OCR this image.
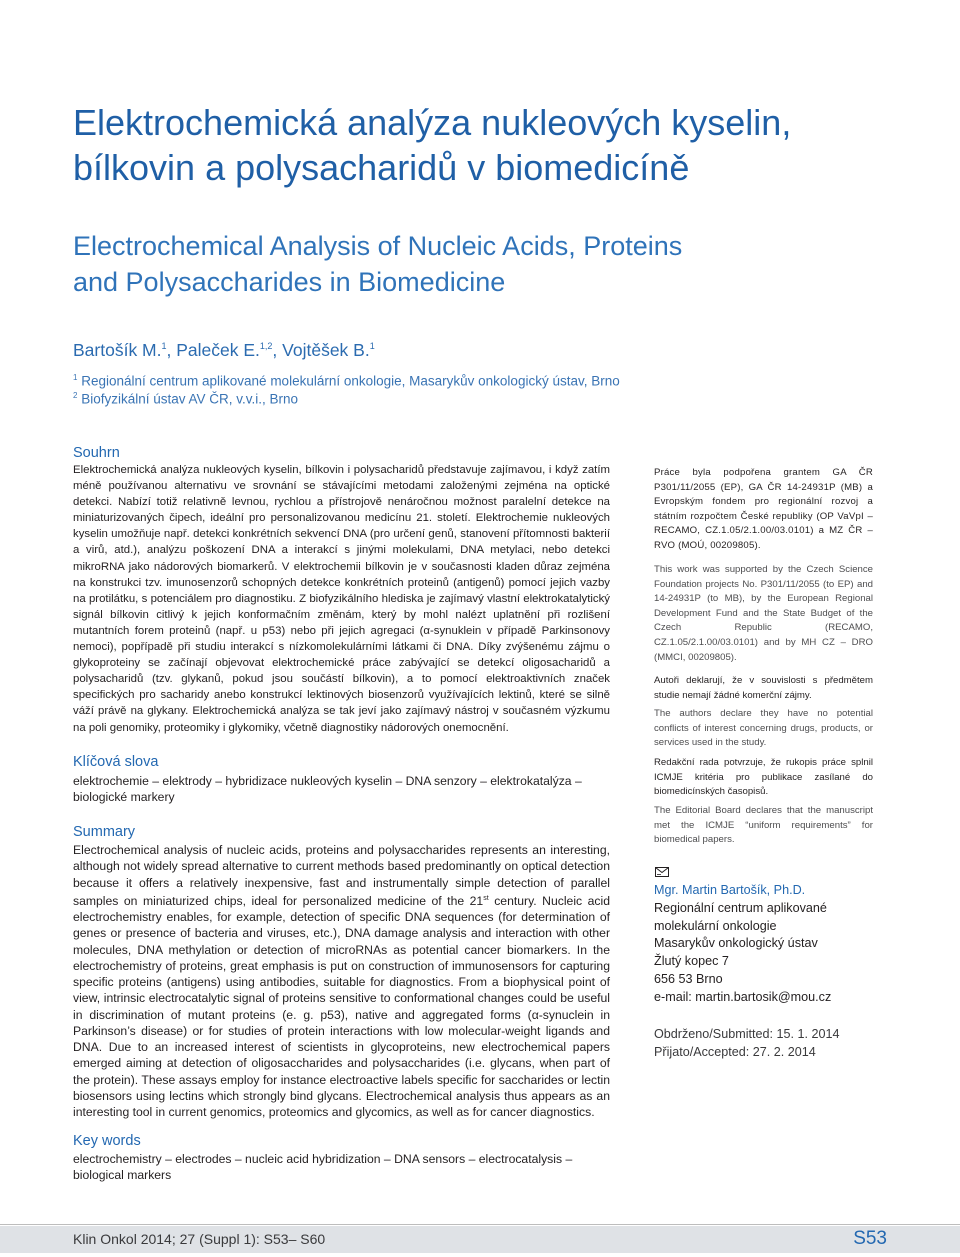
Elektrochemická analýza nukleových kyselin,
bílkovin a polysacharidů v biomedicíně
Electrochemical Analysis of Nucleic Acids, Proteins
and Polysaccharides in Biomedicine
Bartošík M.$^1$, Paleček E.$^{1,2}$, Vojtěšek B.$^1$
$^1$ Regionální centrum aplikované molekulární onkologie, Masarykův onkologický ústav, Brno
$^2$ Biofyzikální ústav AV ČR, v.v.i., Brno
Souhrn

Elektrochemická analýza nukleových kyselin, bílkovin i polysacharidů představuje zajímavou, i když zatím méně používanou alternativu ve srovnání se stávajícími metodami založenými zejména na optické detekci. Nabízí totiž relativně levnou, rychlou a přístrojově nenáročnou možnost paralelní detekce na miniaturizovaných čipech, ideální pro personalizovanou medicínu 21. století. Elektrochemie nukleových kyselin umožňuje např. detekci konkrétních sekvencí DNA (pro určení genů, stanovení přítomnosti bakterií a virů, atd.), analýzu poškození DNA a interakcí s jinými molekulami, DNA metylaci, nebo detekci mikroRNA jako nádorových biomarkerů. V elektrochemii bílkovin je v současnosti kladen důraz zejména na konstrukci tzv. imunosenzorů schopných detekce konkrétních proteinů (antigenů) pomocí jejich vazby na protilátku, s potenciálem pro diagnostiku. Z biofyzikálního hlediska je zajímavý vlastní elektrokatalytický signál bílkovin citlivý k jejich konformačním změnám, který by mohl nalézt uplatnění při rozlišení mutantních forem proteinů (např. u p53) nebo při jejich agregaci (α-synuklein v případě Parkinsonovy nemoci), popřípadě při studiu interakcí s nízkomolekulárními látkami či DNA. Díky zvýšenému zájmu o glykoproteiny se začínají objevovat elektrochemické práce zabývající se detekcí oligosacharidů a polysacharidů (tzv. glykanů, pokud jsou součástí bílkovin), a to pomocí elektroaktivních značek specifických pro sacharidy anebo konstrukcí lektinových biosenzorů využívajících lektinů, které se silně váží právě na glykany. Elektrochemická analýza se tak jeví jako zajímavý nástroj v současném výzkumu na poli genomiky, proteomiky i glykomiky, včetně diagnostiky nádorových onemocnění.

Klíčová slova

elektrochemie – elektrody – hybridizace nukleových kyselin – DNA senzory – elektrokatalýza – biologické markery

Summary

Electrochemical analysis of nucleic acids, proteins and polysaccharides represents an interesting, although not widely spread alternative to current methods based predominantly on optical detection because it offers a relatively inexpensive, fast and instrumentally simple detection of parallel samples on miniaturized chips, ideal for personalized medicine of the 21st century. Nucleic acid electrochemistry enables, for example, detection of specific DNA sequences (for determination of genes or presence of bacteria and viruses, etc.), DNA damage analysis and interaction with other molecules, DNA methylation or detection of microRNAs as potential cancer biomarkers. In the electrochemistry of proteins, great emphasis is put on construction of immunosensors for capturing specific proteins (antigens) using antibodies, suitable for diagnostics. From a biophysical point of view, intrinsic electrocatalytic signal of proteins sensitive to conformational changes could be useful in discrimination of mutant proteins (e. g. p53), native and aggregated forms (α-synuclein in Parkinson’s disease) or for studies of protein interactions with low molecular-weight ligands and DNA. Due to an increased interest of scientists in glycoproteins, new electrochemical papers emerged aiming at detection of oligosaccharides and polysaccharides (i.e. glycans, when part of the protein). These assays employ for instance electroactive labels specific for saccharides or lectin biosensors using lectins which strongly bind glycans. Electrochemical analysis thus appears as an interesting tool in current genomics, proteomics and glycomics, as well as for cancer diagnostics.

Key words

electrochemistry – electrodes – nucleic acid hybridization – DNA sensors – electrocatalysis – biological markers

Práce byla podpořena grantem GA ČR P301/11/2055 (EP), GA ČR 14-24931P (MB) a Evropským fondem pro regionální rozvoj a státním rozpočtem České republiky (OP VaVpI – RECAMO, CZ.1.05/2.1.00/03.0101) a MZ ČR – RVO (MOÚ, 00209805).

This work was supported by the Czech Science Foundation projects No. P301/11/2055 (to EP) and 14-24931P (to MB), by the European Regional Development Fund and the State Budget of the Czech Republic (RECAMO, CZ.1.05/2.1.00/03.0101) and by MH CZ – DRO (MMCI, 00209805).

Autoři deklarují, že v souvislosti s předmětem studie nemají žádné komerční zájmy.

The authors declare they have no potential conflicts of interest concerning drugs, products, or services used in the study.

Redakční rada potvrzuje, že rukopis práce splnil ICMJE kritéria pro publikace zasílané do biomedicínských časopisů.

The Editorial Board declares that the manuscript met the ICMJE “uniform requirements” for biomedical papers.

Mgr. Martin Bartošík, Ph.D.
Regionální centrum aplikované
molekulární onkologie
Masarykův onkologický ústav
Žlutý kopec 7
656 53 Brno
e-mail: martin.bartosik@mou.cz
Obdrženo/Submitted: 15. 1. 2014
Přijato/Accepted: 27. 2. 2014
Klin Onkol 2014; 27 (Suppl 1): S53– S60	S53
